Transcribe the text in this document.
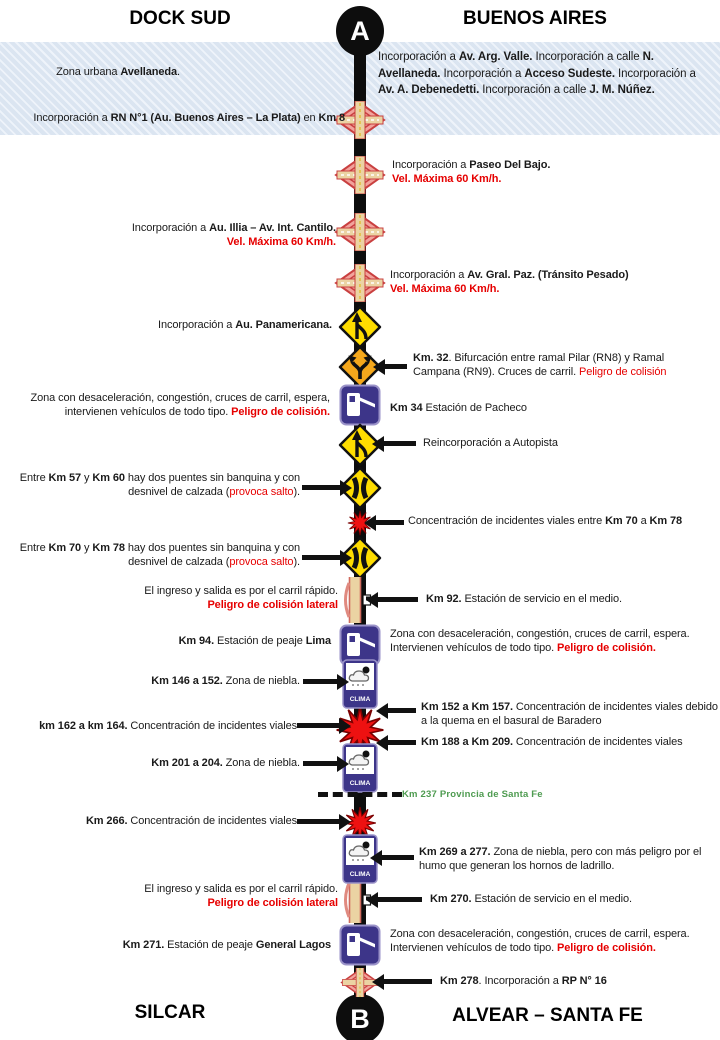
DOCK SUD	BUENOS AIRES
SILCAR	ALVEAR – SANTA FE
A
B
CLIMA
CLIMA
CLIMA
Zona urbana Avellaneda.
Incorporación a RN N°1 (Au. Buenos Aires – La Plata) en Km 8
Incorporación a Au. Illia – Av. Int. Cantilo.
Vel. Máxima 60 Km/h.
Incorporación a Au. Panamericana.
Zona con desaceleración, congestión, cruces de carril, espera, intervienen vehículos de todo tipo. Peligro de colisión.
Entre Km 57 y Km 60 hay dos puentes sin banquina y con desnivel de calzada (provoca salto).
Entre Km 70 y Km 78 hay dos puentes sin banquina y con desnivel de calzada (provoca salto).
El ingreso y salida es por el carril rápido.
Peligro de colisión lateral
Km 94. Estación de peaje Lima
Km 146 a 152. Zona de niebla.
km 162 a km 164. Concentración de incidentes viales
Km 201 a 204. Zona de niebla.
Km 266. Concentración de incidentes viales
El ingreso y salida es por el carril rápido.
Peligro de colisión lateral
Km 271. Estación de peaje General Lagos
Incorporación a Av. Arg. Valle. Incorporación a calle N. Avellaneda. Incorporación a Acceso Sudeste. Incorporación a Av. A. Debenedetti. Incorporación a calle J. M. Núñez.
Incorporación a Paseo Del Bajo.
Vel. Máxima 60 Km/h.
Incorporación a Av. Gral. Paz. (Tránsito Pesado)
Vel. Máxima 60 Km/h.
Km. 32. Bifurcación entre ramal Pilar (RN8) y Ramal Campana (RN9). Cruces de carril. Peligro de colisión
Km 34 Estación de Pacheco
Reincorporación a Autopista
Concentración de incidentes viales entre Km 70 a Km 78
Km 92. Estación de servicio en el medio.
Zona con desaceleración, congestión, cruces de carril, espera. Intervienen vehículos de todo tipo. Peligro de colisión.
Km 152 a Km 157. Concentración de incidentes viales debido a la quema en el basural de Baradero
Km 188 a Km 209. Concentración de incidentes viales
Km 237 Provincia de Santa Fe
Km 269 a 277. Zona de niebla, pero con más peligro por el humo que generan los hornos de ladrillo.
Km 270. Estación de servicio en el medio.
Zona con desaceleración, congestión, cruces de carril, espera. Intervienen vehículos de todo tipo. Peligro de colisión.
Km 278. Incorporación a RP N° 16
